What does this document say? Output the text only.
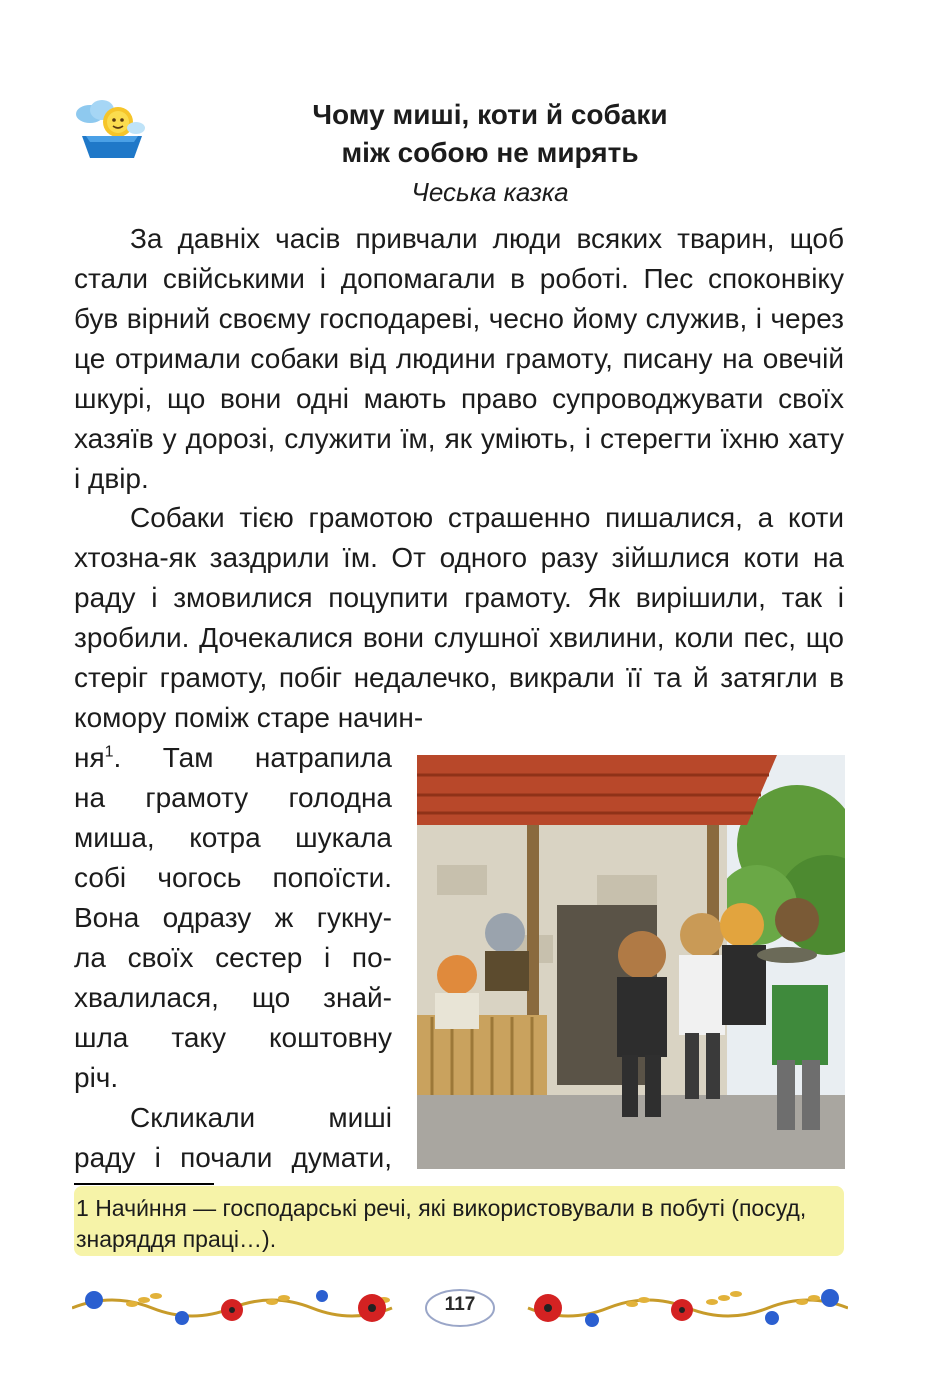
Чому миші, коти й собаки
між собою не мирять
Чеська казка

За давніх часів привчали люди всяких тварин, щоб стали свійськими і допомагали в роботі. Пес споконвіку був вірний своєму господареві, чесно йому служив, і через це отримали собаки від людини грамоту, писану на овечій шкурі, що вони одні мають право супроводжувати своїх хазяїв у дорозі, служити їм, як уміють, і стерегти їхню хату і двір.

Собаки тією грамотою страшенно пишалися, а коти хтозна-як заздрили їм. От одного разу зійшлися коти на раду і змовилися поцупити грамоту. Як вирішили, так і зробили. Дочекалися вони слушної хвилини, коли пес, що стеріг грамоту, побіг недалечко, викрали її та й затягли в комору поміж старе начин-

$ня^1$. Там натрапила
на грамоту голодна
миша, котра шукала
собі чогось попоїсти.
Вона одразу ж гукну-
ла своїх сестер і по-
хвалилася, що знай-
шла таку коштовну
річ.
Скликали миші
раду і почали думати,
1 Начи́ння — господарські речі, які використовували в побуті (посуд, знаряддя праці…).
117
